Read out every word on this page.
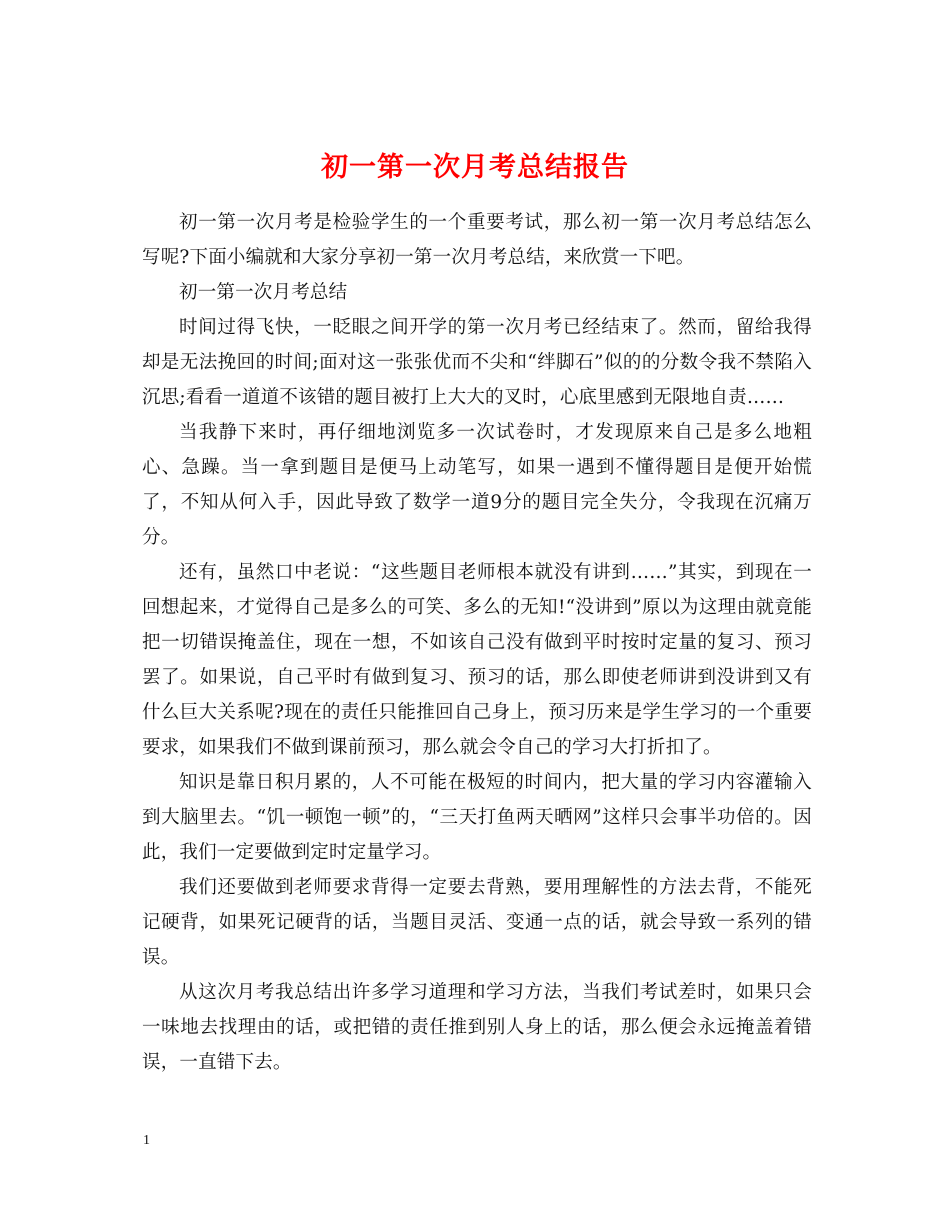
初一第一次月考总结报告

初一第一次月考是检验学生的一个重要考试，那么初一第一次月考总结怎么写呢?下面小编就和大家分享初一第一次月考总结，来欣赏一下吧。

初一第一次月考总结

时间过得飞快，一眨眼之间开学的第一次月考已经结束了。然而，留给我得却是无法挽回的时间;面对这一张张优而不尖和“绊脚石”似的的分数令我不禁陷入沉思;看看一道道不该错的题目被打上大大的叉时，心底里感到无限地自责……

当我静下来时，再仔细地浏览多一次试卷时，才发现原来自己是多么地粗心、急躁。当一拿到题目是便马上动笔写，如果一遇到不懂得题目是便开始慌了，不知从何入手，因此导致了数学一道9分的题目完全失分，令我现在沉痛万分。

还有，虽然口中老说：“这些题目老师根本就没有讲到……”其实，到现在一回想起来，才觉得自己是多么的可笑、多么的无知!“没讲到”原以为这理由就竟能把一切错误掩盖住，现在一想，不如该自己没有做到平时按时定量的复习、预习罢了。如果说，自己平时有做到复习、预习的话，那么即使老师讲到没讲到又有什么巨大关系呢?现在的责任只能推回自己身上，预习历来是学生学习的一个重要要求，如果我们不做到课前预习，那么就会令自己的学习大打折扣了。

知识是靠日积月累的，人不可能在极短的时间内，把大量的学习内容灌输入到大脑里去。“饥一顿饱一顿”的，“三天打鱼两天晒网”这样只会事半功倍的。因此，我们一定要做到定时定量学习。

我们还要做到老师要求背得一定要去背熟，要用理解性的方法去背，不能死记硬背，如果死记硬背的话，当题目灵活、变通一点的话，就会导致一系列的错误。

从这次月考我总结出许多学习道理和学习方法，当我们考试差时，如果只会一味地去找理由的话，或把错的责任推到别人身上的话，那么便会永远掩盖着错误，一直错下去。

1
